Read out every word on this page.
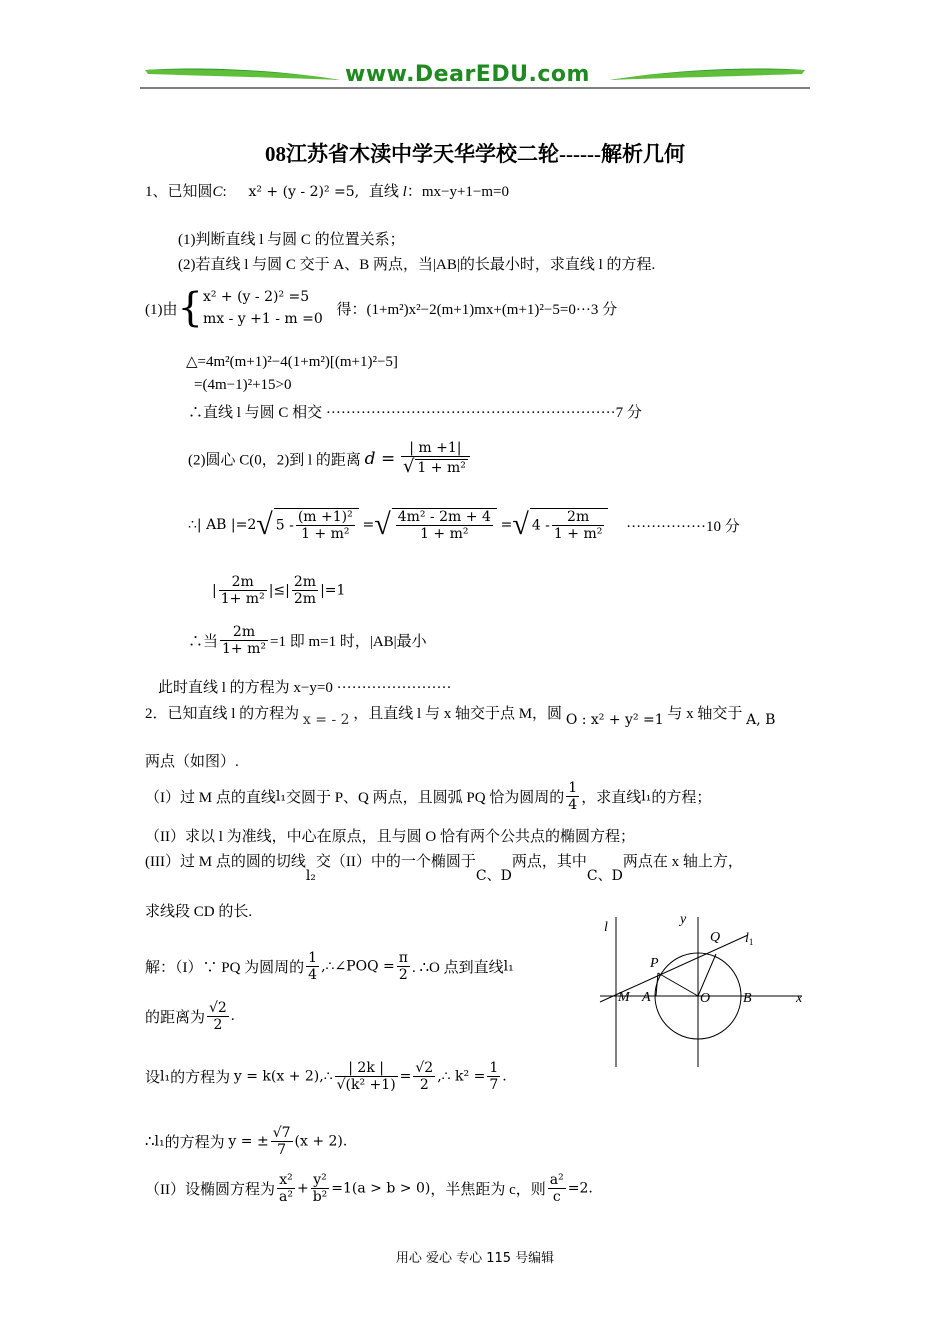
www.DearEDU.com
08江苏省木渎中学天华学校二轮------解析几何
1、已知圆C: x² + (y - 2)² =5, 直线 l：mx−y+1−m=0
(1)判断直线 l 与圆 C 的位置关系；
(2)若直线 l 与圆 C 交于 A、B 两点，当|AB|的长最小时，求直线 l 的方程.
(1)由{ x² + (y - 2)² =5
mx - y +1 - m =0
得：(1+m²)x²−2(m+1)mx+(m+1)²−5=0···3 分
△=4m²(m+1)²−4(1+m²)[(m+1)²−5]
=(4m−1)²+15>0
∴直线 l 与圆 C 相交 ··························································7 分
(2)圆心 C(0，2)到 l 的距离 $d = \frac{| m +1|}{\text{√ 1 + m²}}$
∴| AB |=2√ $5 - \frac{\text{(m +1)²}}{\text{1 + m²}}$ =√ $\frac{\text{4m² - 2m + 4}}{\text{1 + m²}}$ =√ $4 - \frac{2m}{\text{1 + m²}} \cdot\cdot\cdot\cdot\cdot\cdot\cdot\cdot\cdot\cdot\cdot\cdot\cdot\cdot\cdot\cdot 10$ 分
| $\frac{2m}{\text{1+ m²}}$ |≤| $\frac{2m}{2m} |=1$
∴当 $\frac{2m}{\text{1+ m²}} =1$ 即 m=1 时，|AB|最小
此时直线 l 的方程为 x−y=0 ·······················
2．已知直线 l 的方程为 x = - 2 ，且直线 l 与 x 轴交于点 M，圆 O : x² + y² =1 与 x 轴交于 A, B
两点（如图）.
（I）过 M 点的直线l₁交圆于 P、Q 两点，且圆弧 PQ 恰为圆周的 $\frac{1}{4}$ ，求直线l₁的方程；
（II）求以 l 为准线，中心在原点，且与圆 O 恰有两个公共点的椭圆方程；
(III）过 M 点的圆的切线l₂交（II）中的一个椭圆于C、D两点，其中C、D两点在 x 轴上方，
求线段 CD 的长.
解：（I）∵ PQ 为圆周的 $\frac{1}{4}$ ,∴∠POQ = $\frac{\pi}{2}$ . ∴O 点到直线l₁
的距离为 $\frac{√2}{2}$ .
设l₁的方程为 y = k(x + 2),∴ $\frac{| 2k |}{\text{√(k² +1)}} = \frac{√2}{2}$ ,∴ $k^2 = \frac{1}{7}$ .
∴l₁的方程为 y = ± $\frac{√7}{7} (x + 2)$.
（II）设椭圆方程为 $\frac{\text{x²}}{\text{a²}} + \frac{\text{y²}}{\text{b²}} =1(a > b > 0)$，半焦距为 c，则 $\frac{\text{a²}}{c} =2$.
l
y
Q $l_1$
P
M A	O B	x
用心 爱心 专心 115 号编辑
